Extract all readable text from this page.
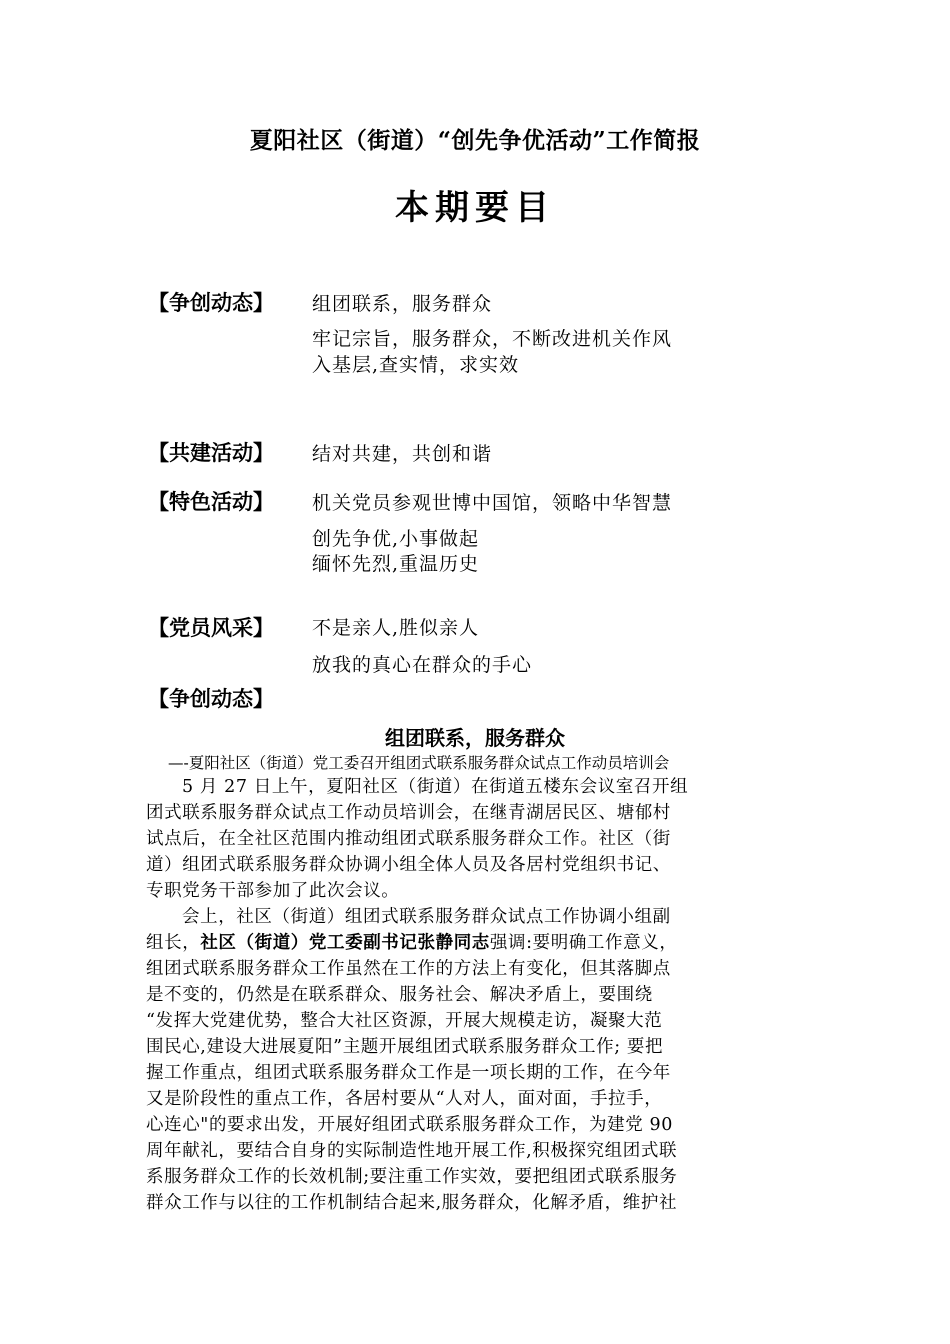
夏阳社区（街道）“创先争优活动”工作简报
本期要目
【争创动态】 组团联系，服务群众
牢记宗旨，服务群众，不断改进机关作风
入基层,查实情，求实效
【共建活动】 结对共建，共创和谐
【特色活动】 机关党员参观世博中国馆，领略中华智慧
创先争优,小事做起
缅怀先烈,重温历史
【党员风采】 不是亲人,胜似亲人
放我的真心在群众的手心
【争创动态】
组团联系，服务群众
—-夏阳社区（街道）党工委召开组团式联系服务群众试点工作动员培训会
5 月 27 日上午，夏阳社区（街道）在街道五楼东会议室召开组
团式联系服务群众试点工作动员培训会，在继青湖居民区、塘郁村
试点后，在全社区范围内推动组团式联系服务群众工作。社区（街
道）组团式联系服务群众协调小组全体人员及各居村党组织书记、
专职党务干部参加了此次会议。
会上，社区（街道）组团式联系服务群众试点工作协调小组副
组长，社区（街道）党工委副书记张静同志强调:要明确工作意义，
组团式联系服务群众工作虽然在工作的方法上有变化，但其落脚点
是不变的，仍然是在联系群众、服务社会、解决矛盾上，要围绕
“发挥大党建优势，整合大社区资源，开展大规模走访，凝聚大范
围民心,建设大进展夏阳”主题开展组团式联系服务群众工作; 要把
握工作重点，组团式联系服务群众工作是一项长期的工作，在今年
又是阶段性的重点工作，各居村要从“人对人，面对面，手拉手，
心连心"的要求出发，开展好组团式联系服务群众工作，为建党 90
周年献礼，要结合自身的实际制造性地开展工作,积极探究组团式联
系服务群众工作的长效机制;要注重工作实效，要把组团式联系服务
群众工作与以往的工作机制结合起来,服务群众，化解矛盾，维护社
